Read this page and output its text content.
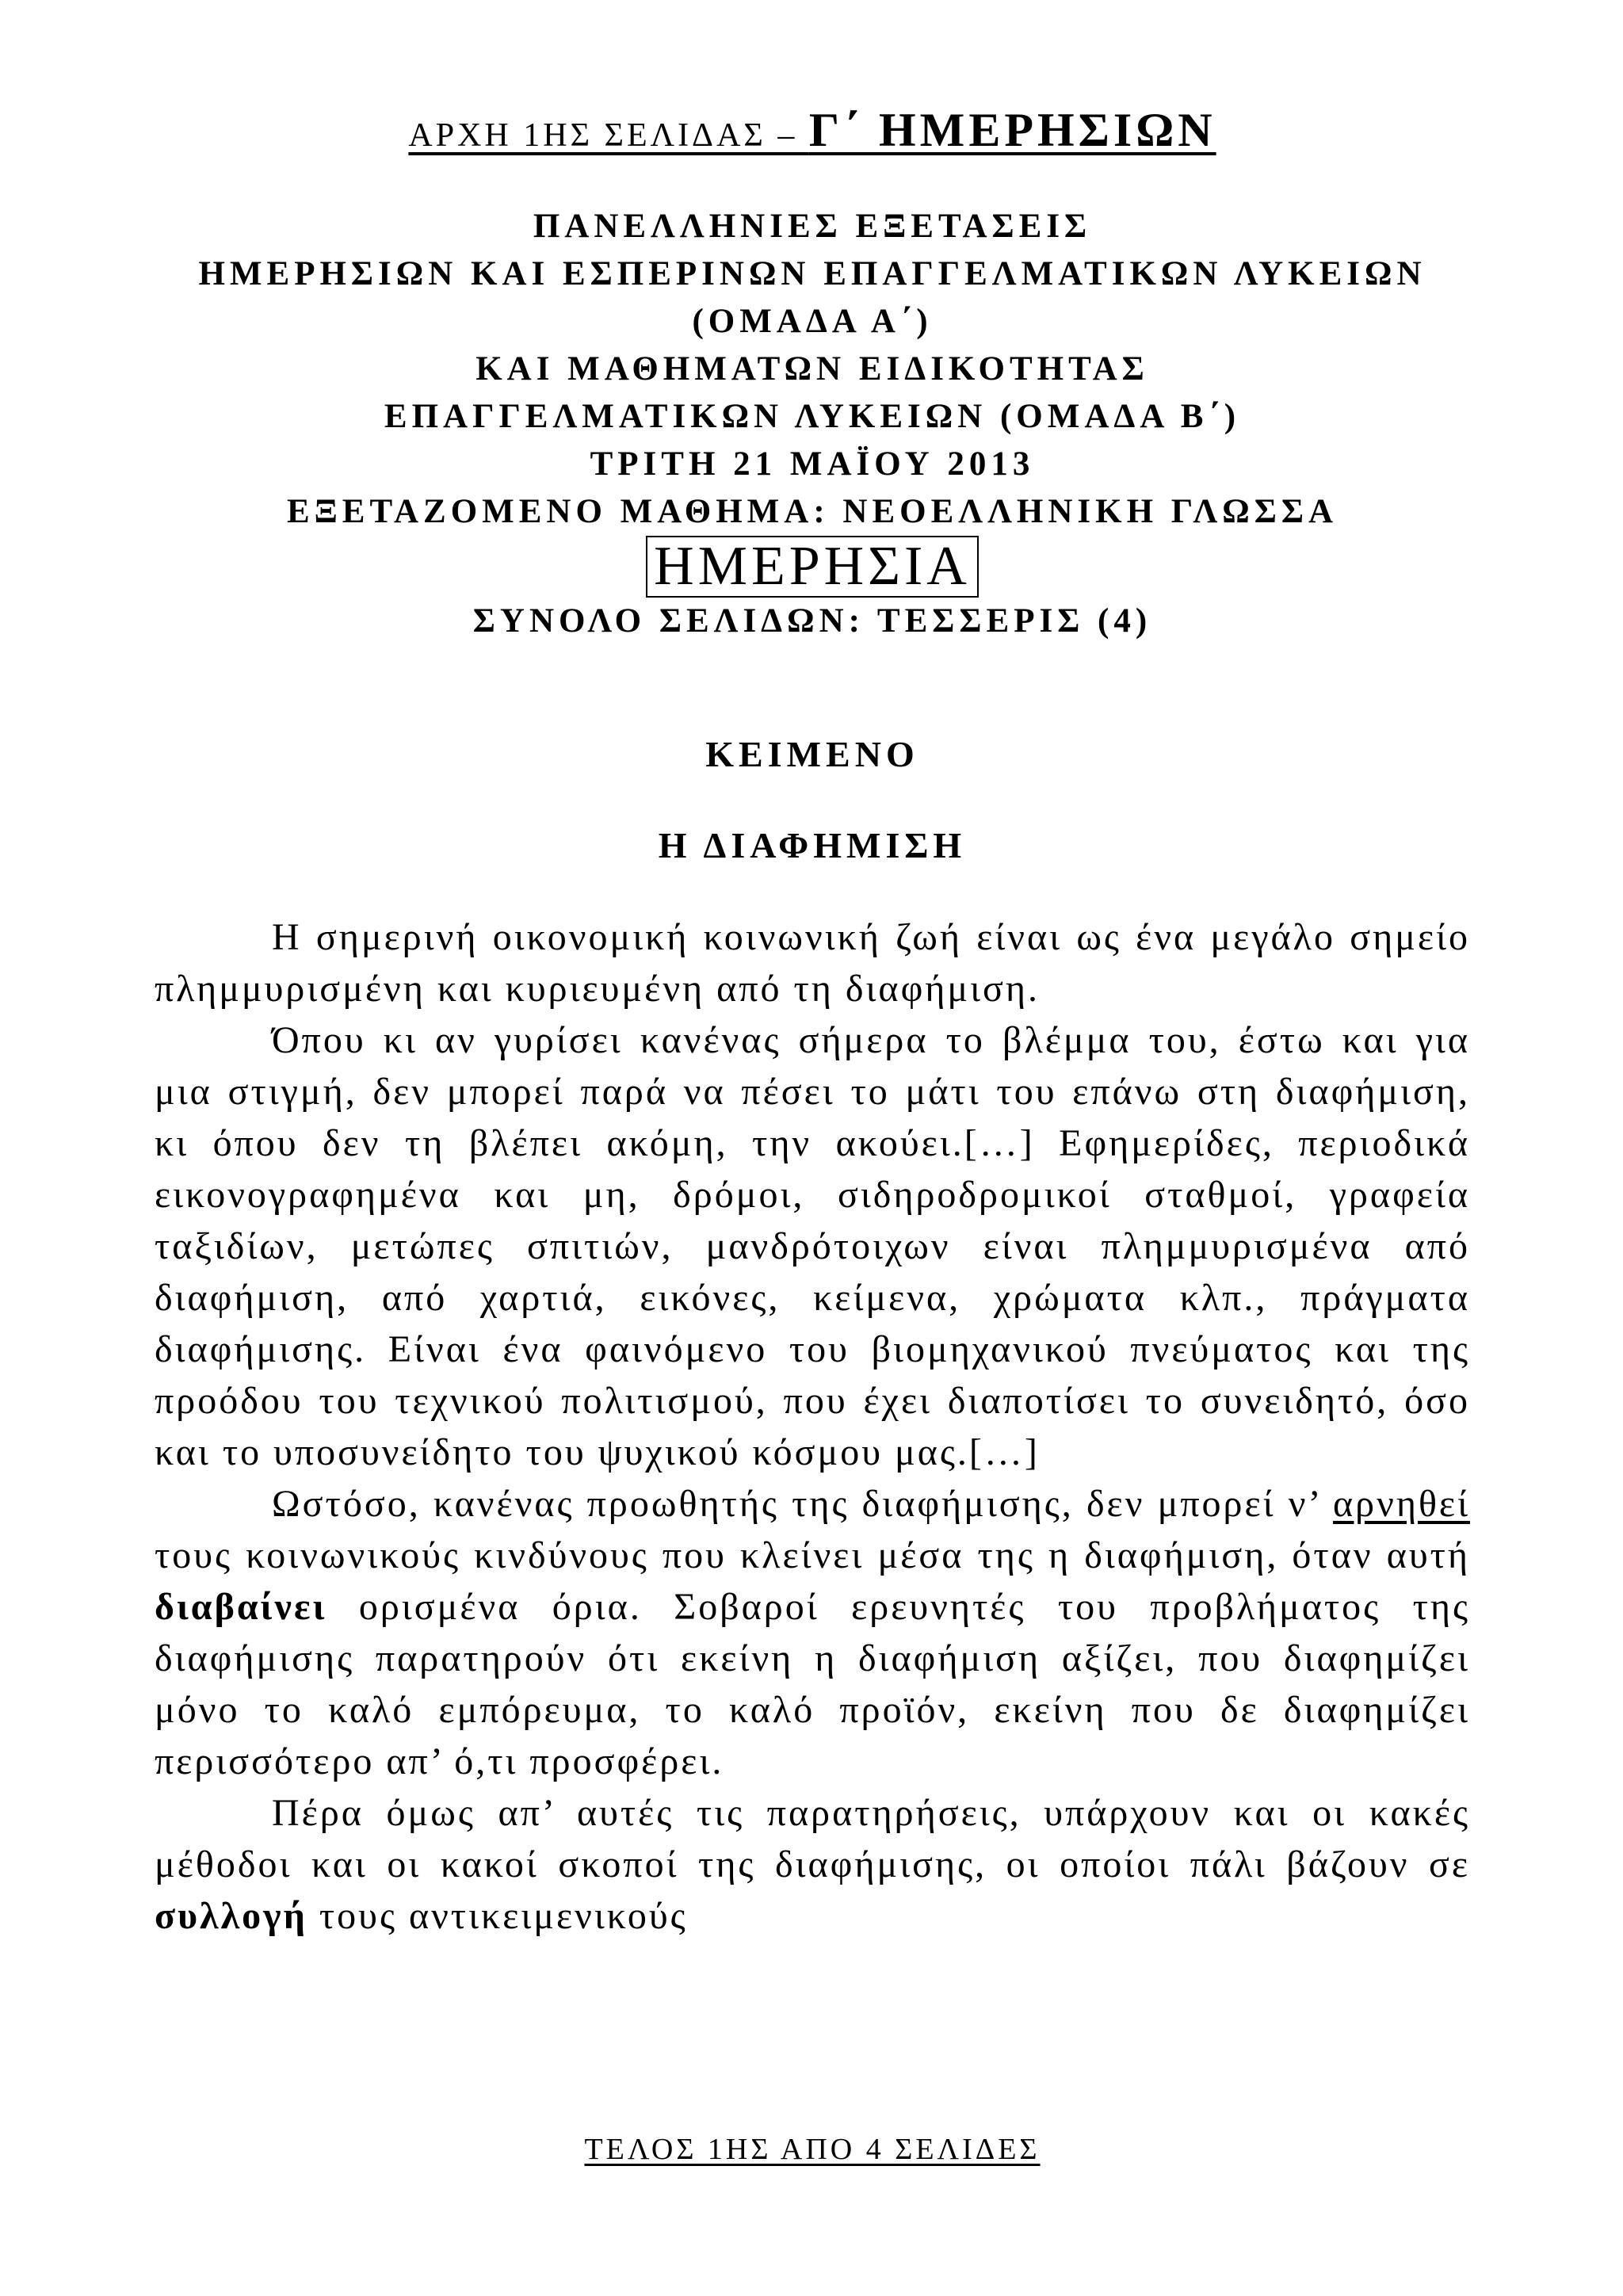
ΑΡΧΗ 1ΗΣ ΣΕΛΙΔΑΣ – Γ΄ ΗΜΕΡΗΣΙΩΝ
ΠΑΝΕΛΛΗΝΙΕΣ ΕΞΕΤΑΣΕΙΣ
ΗΜΕΡΗΣΙΩΝ ΚΑΙ ΕΣΠΕΡΙΝΩΝ ΕΠΑΓΓΕΛΜΑΤΙΚΩΝ ΛΥΚΕΙΩΝ
(ΟΜΑΔΑ Α΄)
ΚΑΙ ΜΑΘΗΜΑΤΩΝ ΕΙΔΙΚΟΤΗΤΑΣ
ΕΠΑΓΓΕΛΜΑΤΙΚΩΝ ΛΥΚΕΙΩΝ (ΟΜΑΔΑ Β΄)
ΤΡΙΤΗ 21 ΜΑΪΟΥ 2013
ΕΞΕΤΑΖΟΜΕΝΟ ΜΑΘΗΜΑ: ΝΕΟΕΛΛΗΝΙΚΗ ΓΛΩΣΣΑ
ΗΜΕΡΗΣΙΑ
ΣΥΝΟΛΟ ΣΕΛΙΔΩΝ: ΤΕΣΣΕΡΙΣ (4)
ΚΕΙΜΕΝΟ
Η ΔΙΑΦΗΜΙΣΗ

Η σημερινή οικονομική κοινωνική ζωή είναι ως ένα μεγάλο σημείο πλημμυρισμένη και κυριευμένη από τη διαφήμιση.

Όπου κι αν γυρίσει κανένας σήμερα το βλέμμα του, έστω και για μια στιγμή, δεν μπορεί παρά να πέσει το μάτι του επάνω στη διαφήμιση, κι όπου δεν τη βλέπει ακόμη, την ακούει.[…] Εφημερίδες, περιοδικά εικονογραφημένα και μη, δρόμοι, σιδηροδρομικοί σταθμοί, γραφεία ταξιδίων, μετώπες σπιτιών, μανδρότοιχων είναι πλημμυρισμένα από διαφήμιση, από χαρτιά, εικόνες, κείμενα, χρώματα κλπ., πράγματα διαφήμισης. Είναι ένα φαινόμενο του βιομηχανικού πνεύματος και της προόδου του τεχνικού πολιτισμού, που έχει διαποτίσει το συνειδητό, όσο και το υποσυνείδητο του ψυχικού κόσμου μας.[…]

Ωστόσο, κανένας προωθητής της διαφήμισης, δεν μπορεί ν’ αρνηθεί τους κοινωνικούς κινδύνους που κλείνει μέσα της η διαφήμιση, όταν αυτή διαβαίνει ορισμένα όρια. Σοβαροί ερευνητές του προβλήματος της διαφήμισης παρατηρούν ότι εκείνη η διαφήμιση αξίζει, που διαφημίζει μόνο το καλό εμπόρευμα, το καλό προϊόν, εκείνη που δε διαφημίζει περισσότερο απ’ ό,τι προσφέρει.

Πέρα όμως απ’ αυτές τις παρατηρήσεις, υπάρχουν και οι κακές μέθοδοι και οι κακοί σκοποί της διαφήμισης, οι οποίοι πάλι βάζουν σε συλλογή τους αντικειμενικούς

ΤΕΛΟΣ 1ΗΣ ΑΠΟ 4 ΣΕΛΙΔΕΣ
